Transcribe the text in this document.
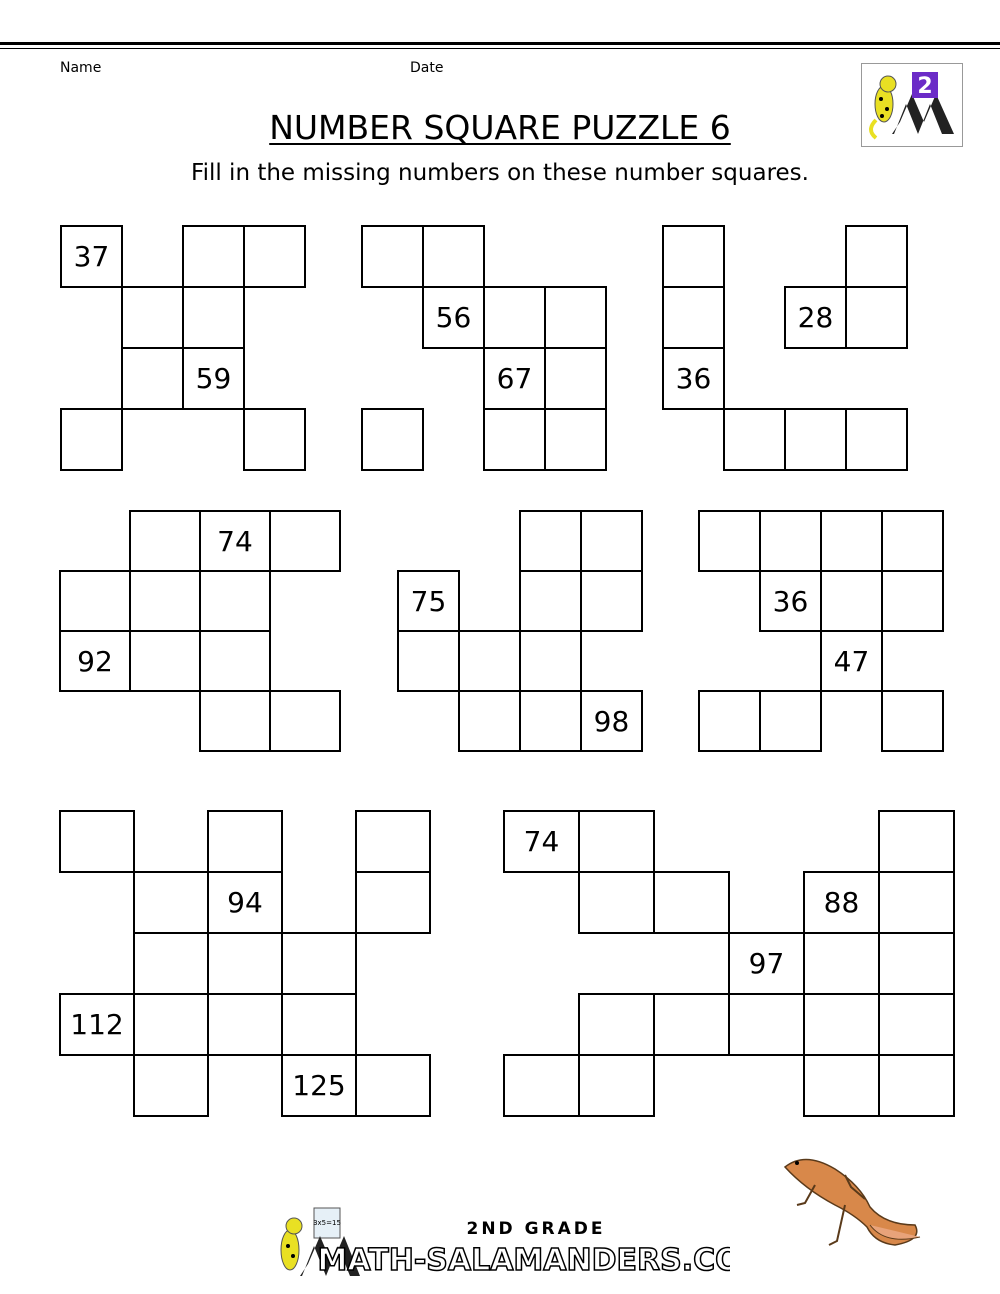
Name	Date
2
NUMBER SQUARE PUZZLE 6
Fill in the missing numbers on these number squares.
37
59
56
67
28
36
74
92
75
98
36
47
94
112
125
74
88
97
3x5=15	2ND GRADE
MATH-SALAMANDERS.COM
